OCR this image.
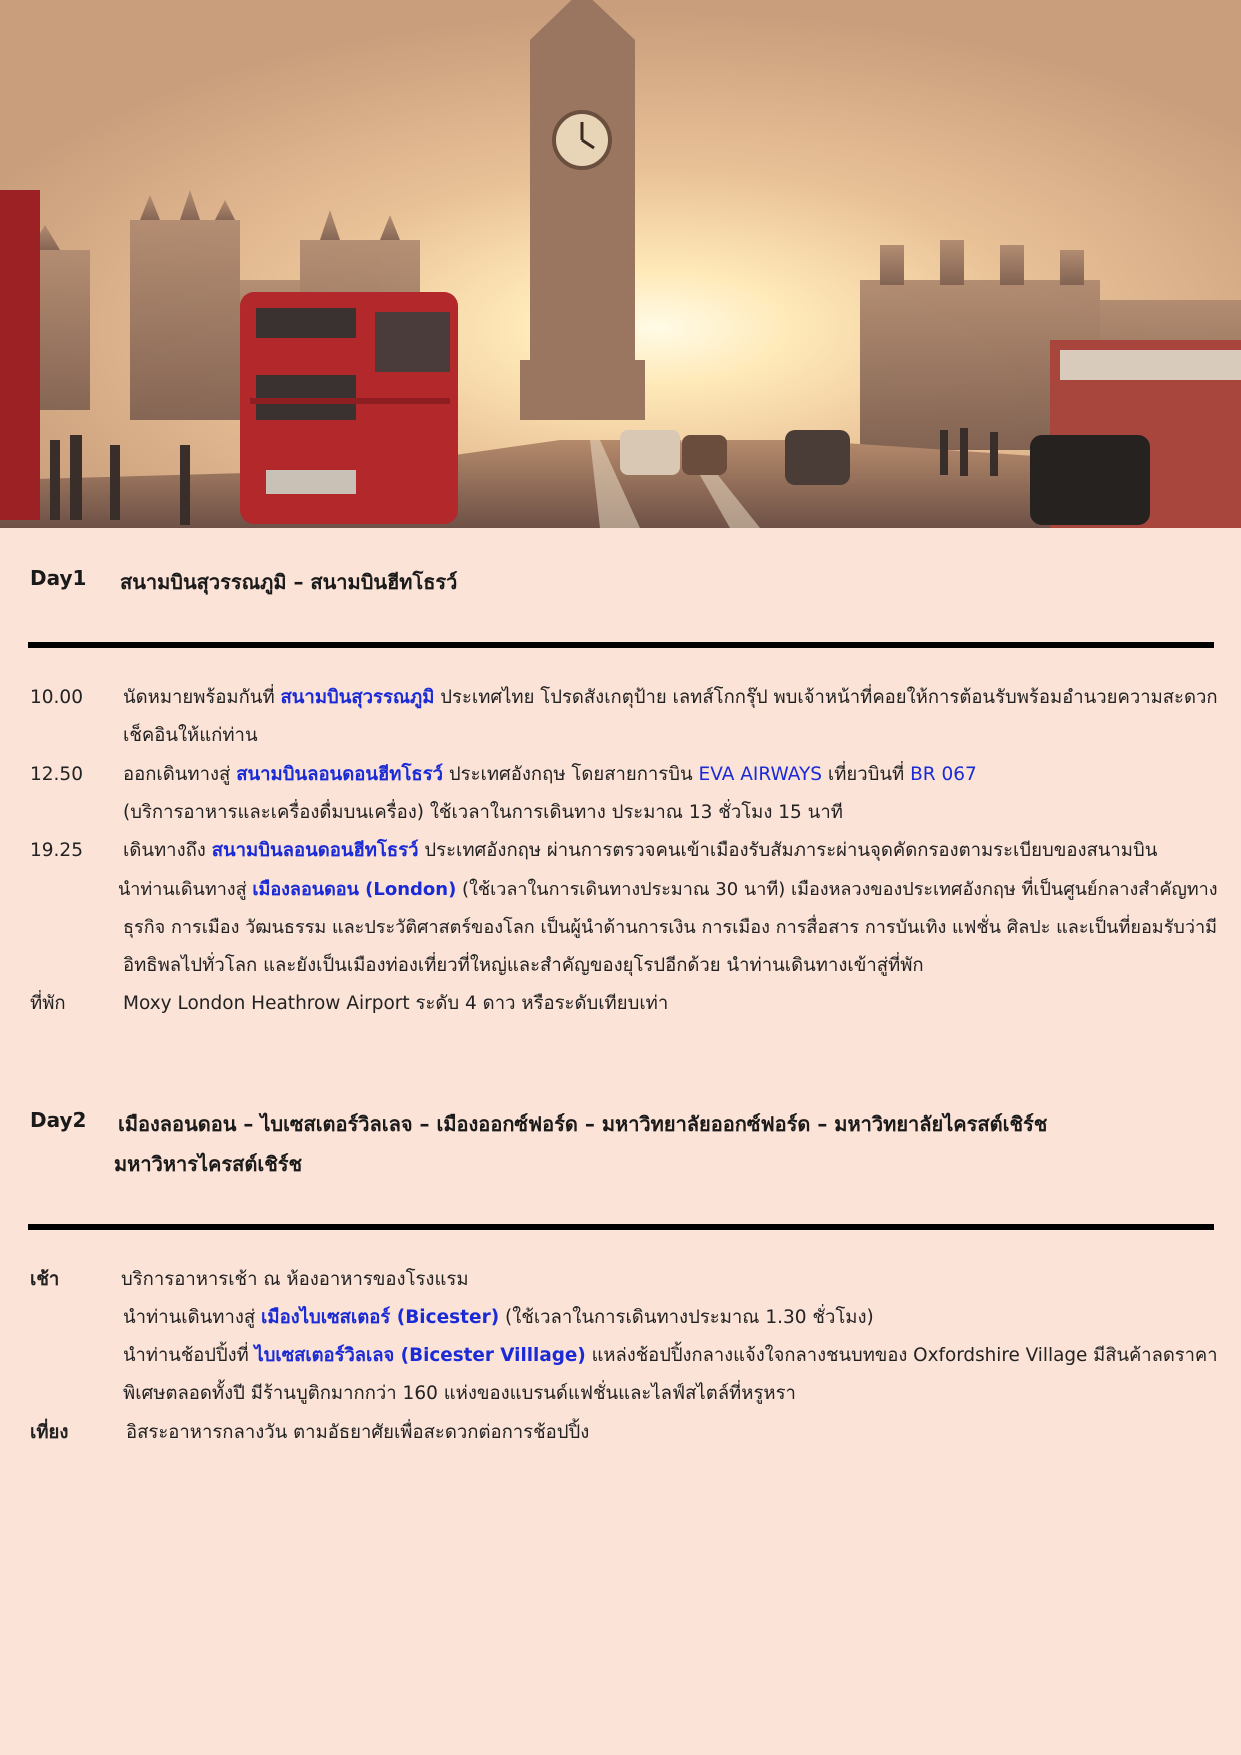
Day1 สนามบินสุวรรณภูมิ – สนามบินฮีทโธรว์
10.00 นัดหมายพร้อมกันที่ สนามบินสุวรรณภูมิ ประเทศไทย โปรดสังเกตุป้าย เลทส์โกกรุ๊ป พบเจ้าหน้าที่คอยให้การต้อนรับพร้อมอำนวยความสะดวก
เช็คอินให้แก่ท่าน
12.50 ออกเดินทางสู่ สนามบินลอนดอนฮีทโธรว์ ประเทศอังกฤษ โดยสายการบิน EVA AIRWAYS เที่ยวบินที่ BR 067
(บริการอาหารและเครื่องดื่มบนเครื่อง) ใช้เวลาในการเดินทาง ประมาณ 13 ชั่วโมง 15 นาที
19.25 เดินทางถึง สนามบินลอนดอนฮีทโธรว์ ประเทศอังกฤษ ผ่านการตรวจคนเข้าเมืองรับสัมภาระผ่านจุดคัดกรองตามระเบียบของสนามบิน
นำท่านเดินทางสู่ เมืองลอนดอน (London) (ใช้เวลาในการเดินทางประมาณ 30 นาที) เมืองหลวงของประเทศอังกฤษ ที่เป็นศูนย์กลางสำคัญทาง
ธุรกิจ การเมือง วัฒนธรรม และประวัติศาสตร์ของโลก เป็นผู้นำด้านการเงิน การเมือง การสื่อสาร การบันเทิง แฟชั่น ศิลปะ และเป็นที่ยอมรับว่ามี
อิทธิพลไปทั่วโลก และยังเป็นเมืองท่องเที่ยวที่ใหญ่และสำคัญของยุโรปอีกด้วย นำท่านเดินทางเข้าสู่ที่พัก
ที่พัก	Moxy London Heathrow Airport ระดับ 4 ดาว หรือระดับเทียบเท่า
Day2 เมืองลอนดอน – ไบเซสเตอร์วิลเลจ – เมืองออกซ์ฟอร์ด – มหาวิทยาลัยออกซ์ฟอร์ด – มหาวิทยาลัยไครสต์เชิร์ช
มหาวิหารไครสต์เชิร์ช
เช้า	บริการอาหารเช้า ณ ห้องอาหารของโรงแรม
นำท่านเดินทางสู่ เมืองไบเซสเตอร์ (Bicester) (ใช้เวลาในการเดินทางประมาณ 1.30 ชั่วโมง)
นำท่านช้อปปิ้งที่ ไบเซสเตอร์วิลเลจ (Bicester Villlage) แหล่งช้อปปิ้งกลางแจ้งใจกลางชนบทของ Oxfordshire Village มีสินค้าลดราคา
พิเศษตลอดทั้งปี มีร้านบูติกมากกว่า 160 แห่งของแบรนด์แฟชั่นและไลฟ์สไตล์ที่หรูหรา
เที่ยง	อิสระอาหารกลางวัน ตามอัธยาศัยเพื่อสะดวกต่อการช้อปปิ้ง
